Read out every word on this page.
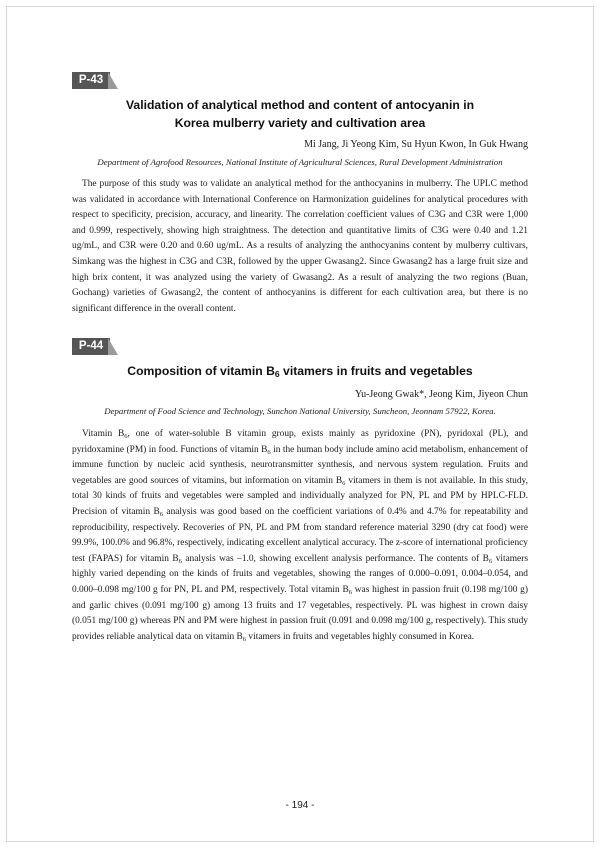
P-43
Validation of analytical method and content of antocyanin in
Korea mulberry variety and cultivation area
Mi Jang, Ji Yeong Kim, Su Hyun Kwon, In Guk Hwang
Department of Agrofood Resources, National Institute of Agricultural Sciences, Rural Development Administration

The purpose of this study was to validate an analytical method for the anthocyanins in mulberry. The UPLC method was validated in accordance with International Conference on Harmonization guidelines for analytical procedures with respect to specificity, precision, accuracy, and linearity. The correlation coefficient values of C3G and C3R were 1,000 and 0.999, respectively, showing high straightness. The detection and quantitative limits of C3G were 0.40 and 1.21 ug/mL, and C3R were 0.20 and 0.60 ug/mL. As a results of analyzing the anthocyanins content by mulberry cultivars, Simkang was the highest in C3G and C3R, followed by the upper Gwasang2. Since Gwasang2 has a large fruit size and high brix content, it was analyzed using the variety of Gwasang2. As a result of analyzing the two regions (Buan, Gochang) varieties of Gwasang2, the content of anthocyanins is different for each cultivation area, but there is no significant difference in the overall content.

P-44
Composition of vitamin $B_6$ vitamers in fruits and vegetables
Yu-Jeong Gwak*, Jeong Kim, Jiyeon Chun
Department of Food Science and Technology, Sunchon National University, Suncheon, Jeonnam 57922, Korea.

Vitamin $B_6$, one of water-soluble B vitamin group, exists mainly as pyridoxine (PN), pyridoxal (PL), and pyridoxamine (PM) in food. Functions of vitamin $B_6$ in the human body include amino acid metabolism, enhancement of immune function by nucleic acid synthesis, neurotransmitter synthesis, and nervous system regulation. Fruits and vegetables are good sources of vitamins, but information on vitamin $B_6$ vitamers in them is not available. In this study, total 30 kinds of fruits and vegetables were sampled and individually analyzed for PN, PL and PM by HPLC-FLD. Precision of vitamin $B_6$ analysis was good based on the coefficient variations of 0.4% and 4.7% for repeatability and reproducibility, respectively. Recoveries of PN, PL and PM from standard reference material 3290 (dry cat food) were 99.9%, 100.0% and 96.8%, respectively, indicating excellent analytical accuracy. The z-score of international proficiency test (FAPAS) for vitamin $B_6$ analysis was –1.0, showing excellent analysis performance. The contents of $B_6$ vitamers highly varied depending on the kinds of fruits and vegetables, showing the ranges of 0.000–0.091, 0.004–0.054, and 0.000–0.098 mg/100 g for PN, PL and PM, respectively. Total vitamin $B_6$ was highest in passion fruit (0.198 mg/100 g) and garlic chives (0.091 mg/100 g) among 13 fruits and 17 vegetables, respectively. PL was highest in crown daisy (0.051 mg/100 g) whereas PN and PM were highest in passion fruit (0.091 and 0.098 mg/100 g, respectively). This study provides reliable analytical data on vitamin $B_6$ vitamers in fruits and vegetables highly consumed in Korea.

- 194 -
